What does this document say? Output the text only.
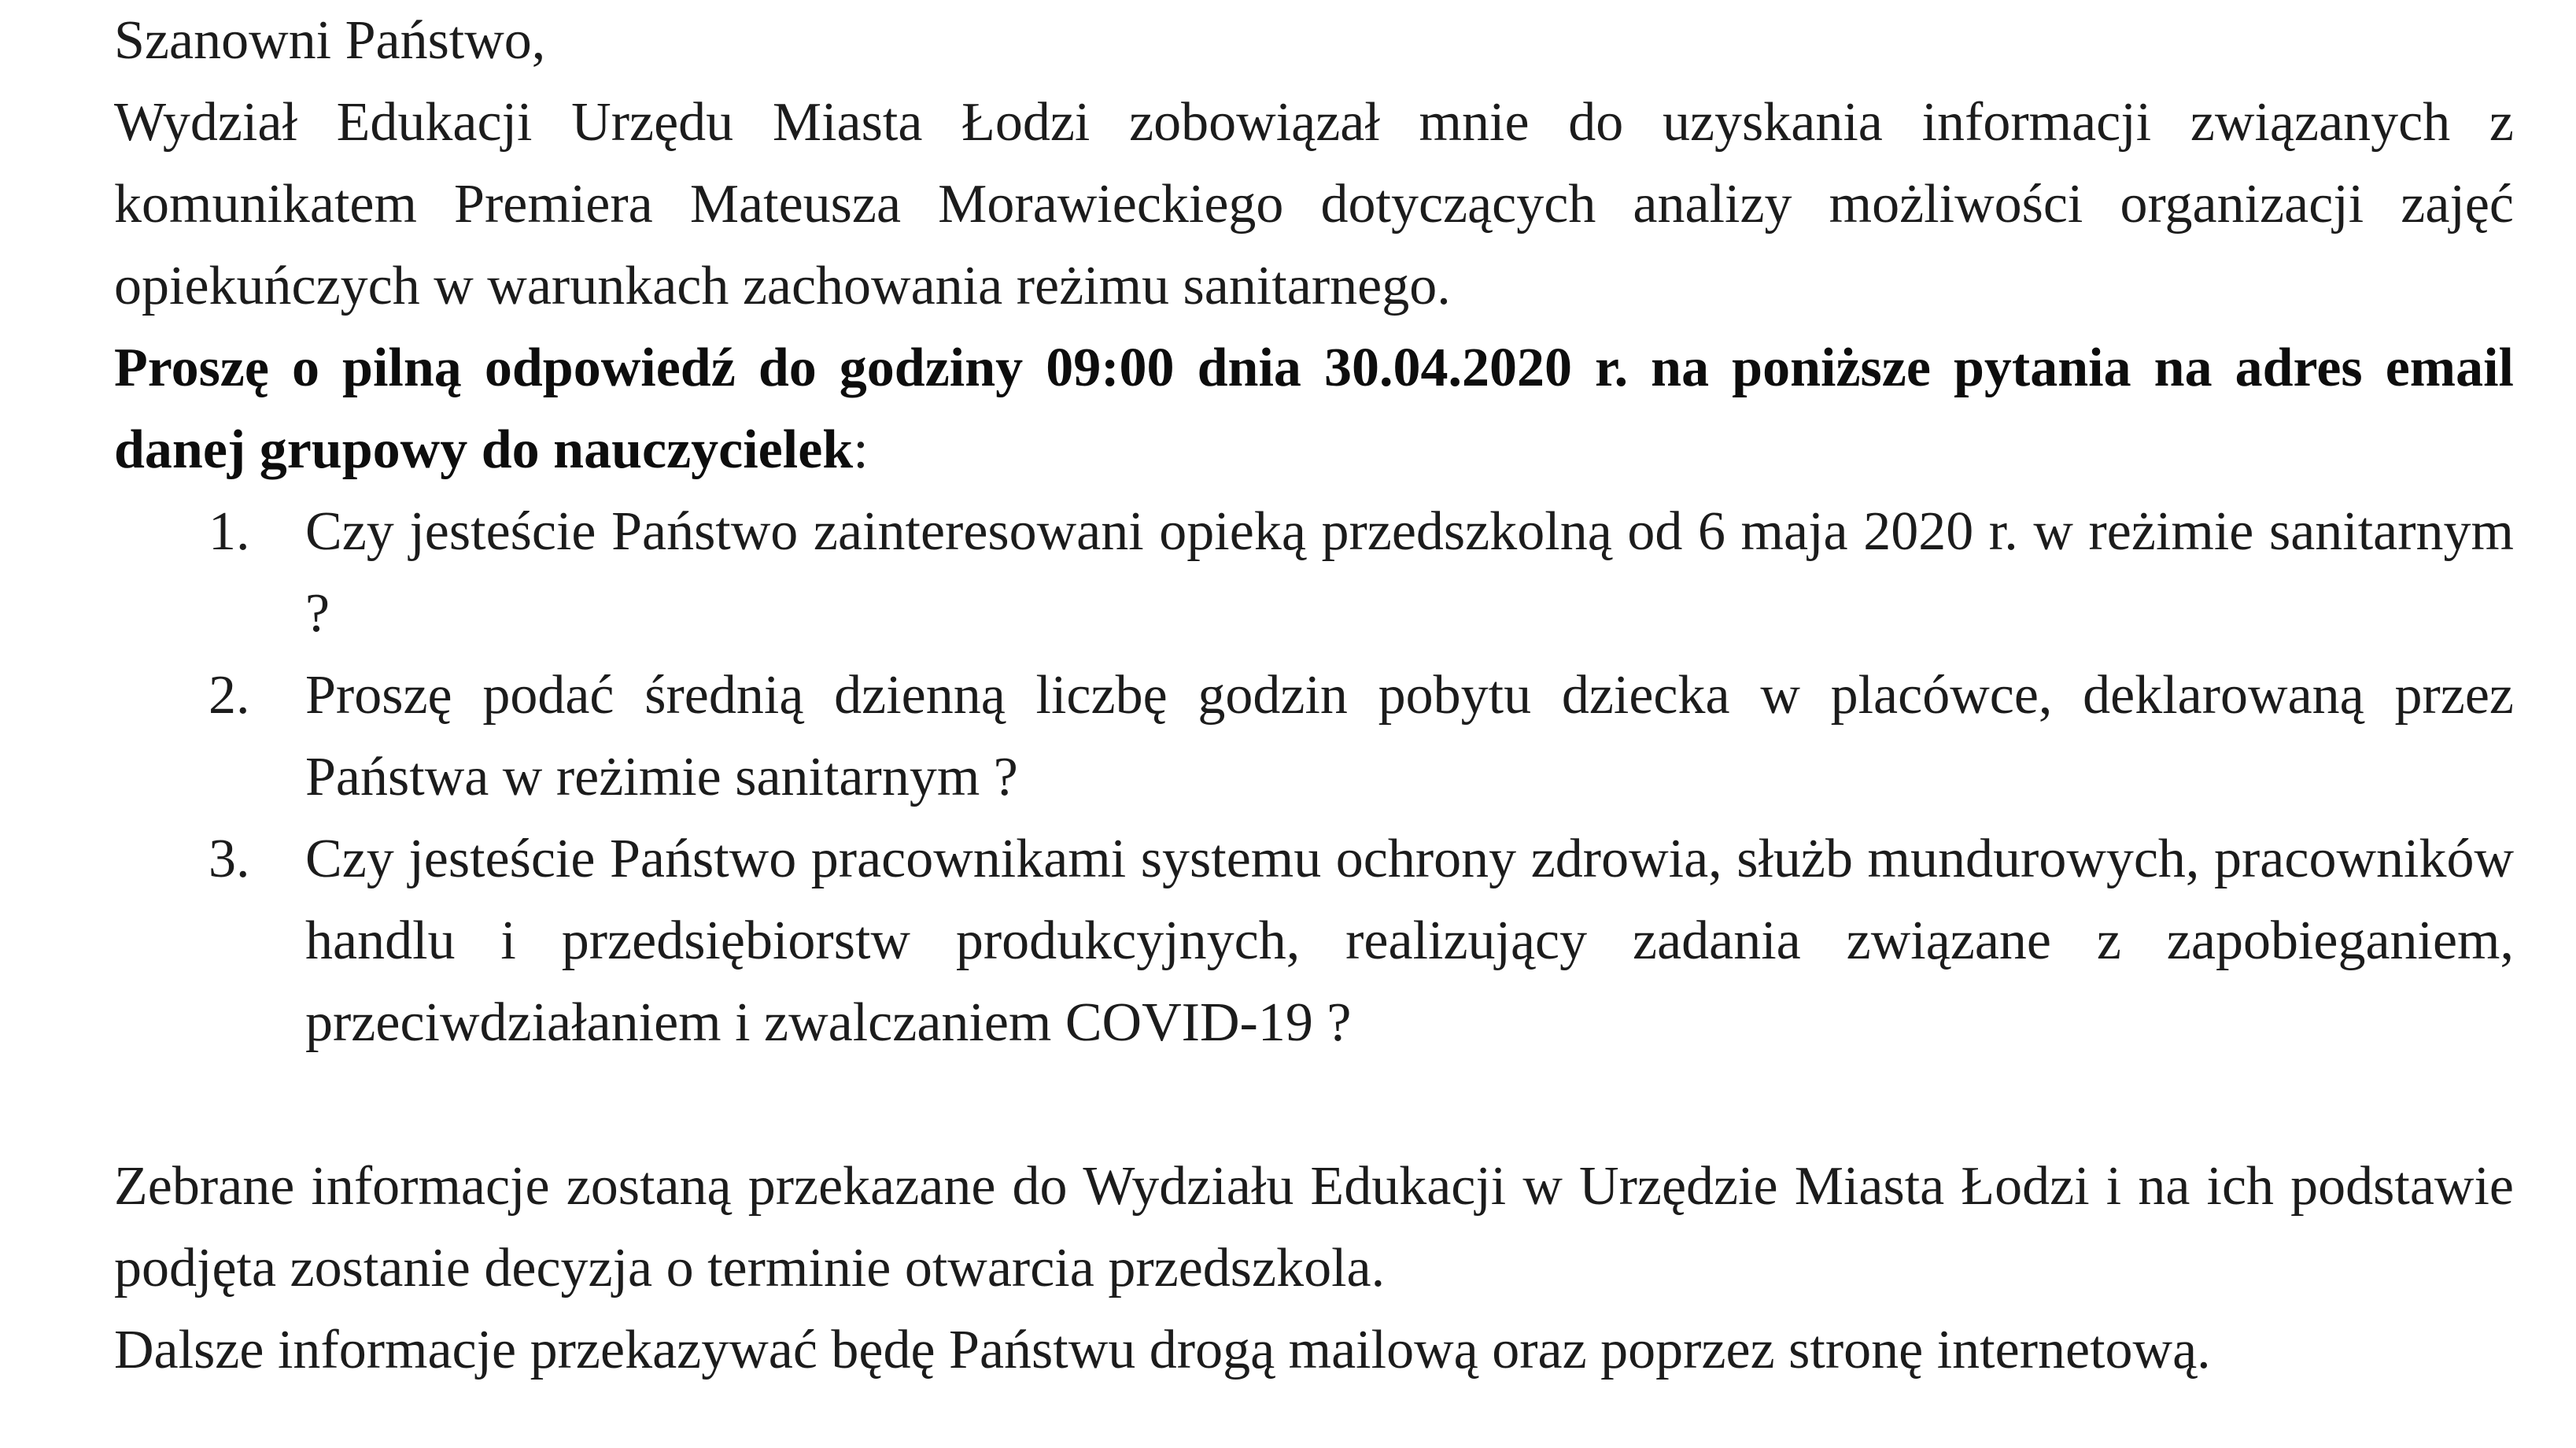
Szanowni Państwo,

Wydział Edukacji Urzędu Miasta Łodzi zobowiązał mnie do uzyskania informacji związanych z komunikatem Premiera Mateusza Morawieckiego dotyczących analizy możliwości organizacji zajęć opiekuńczych w warunkach zachowania reżimu sanitarnego.

Proszę o pilną odpowiedź do godziny 09:00 dnia 30.04.2020 r. na poniższe pytania na adres email danej grupowy do nauczycielek:

1.	Czy jesteście Państwo zainteresowani opieką przedszkolną od 6 maja 2020 r. w reżimie sanitarnym ?
2.	Proszę podać średnią dzienną liczbę godzin pobytu dziecka w placówce, deklarowaną przez Państwa w reżimie sanitarnym ?
3.	Czy jesteście Państwo pracownikami systemu ochrony zdrowia, służb mundurowych, pracowników handlu i przedsiębiorstw produkcyjnych, realizujący zadania związane z zapobieganiem, przeciwdziałaniem i zwalczaniem COVID-19 ?

Zebrane informacje zostaną przekazane do Wydziału Edukacji w Urzędzie Miasta Łodzi i na ich podstawie podjęta zostanie decyzja o terminie otwarcia przedszkola.

Dalsze informacje przekazywać będę Państwu drogą mailową oraz poprzez stronę internetową.
